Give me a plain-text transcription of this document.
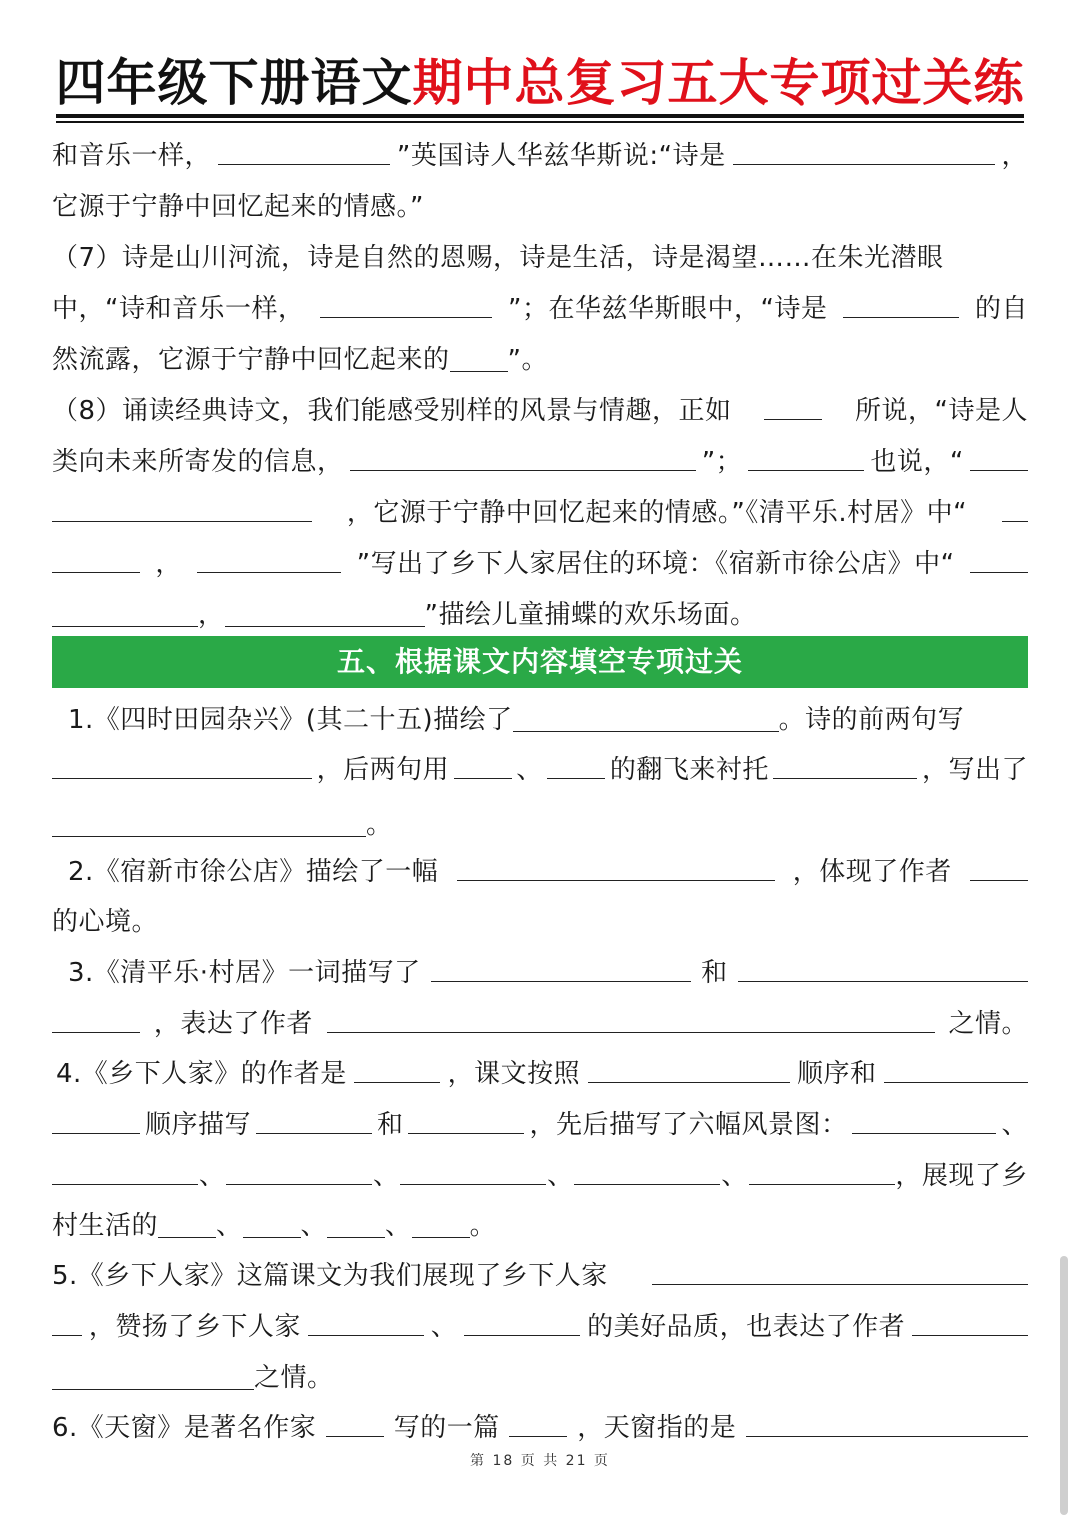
四年级下册语文期中总复习五大专项过关练
和音乐一样，	”英国诗人华兹华斯说:“诗是	，
它源于宁静中回忆起来的情感。”
（7）诗是山川河流，诗是自然的恩赐，诗是生活，诗是渴望……在朱光潜眼
中，“诗和音乐一样，	”；在华兹华斯眼中，“诗是	的自
然流露，它源于宁静中回忆起来的 ”。
（8）诵读经典诗文，我们能感受别样的风景与情趣，正如	所说，“诗是人
类向未来所寄发的信息，	”；	也说，“
，它源于宁静中回忆起来的情感。”《清平乐.村居》中“
，	”写出了乡下人家居住的环境：《宿新市徐公店》中“
，	”描绘儿童捕蝶的欢乐场面。
五、根据课文内容填空专项过关
1.《四时田园杂兴》(其二十五)描绘了	。诗的前两句写
，后两句用	、	的翻飞来衬托	，写出了
。
2.《宿新市徐公店》描绘了一幅	，体现了作者
的心境。
3.《清平乐·村居》一词描写了	和
，表达了作者	之情。
4.《乡下人家》的作者是	，课文按照	顺序和
顺序描写	和	，先后描写了六幅风景图：	、
、	、	、	、	，展现了乡
村生活的 、 、 、 。
5.《乡下人家》这篇课文为我们展现了乡下人家
，赞扬了乡下人家	、	的美好品质，也表达了作者
之情。
6.《天窗》是著名作家	写的一篇	，天窗指的是
第 18 页 共 21 页
